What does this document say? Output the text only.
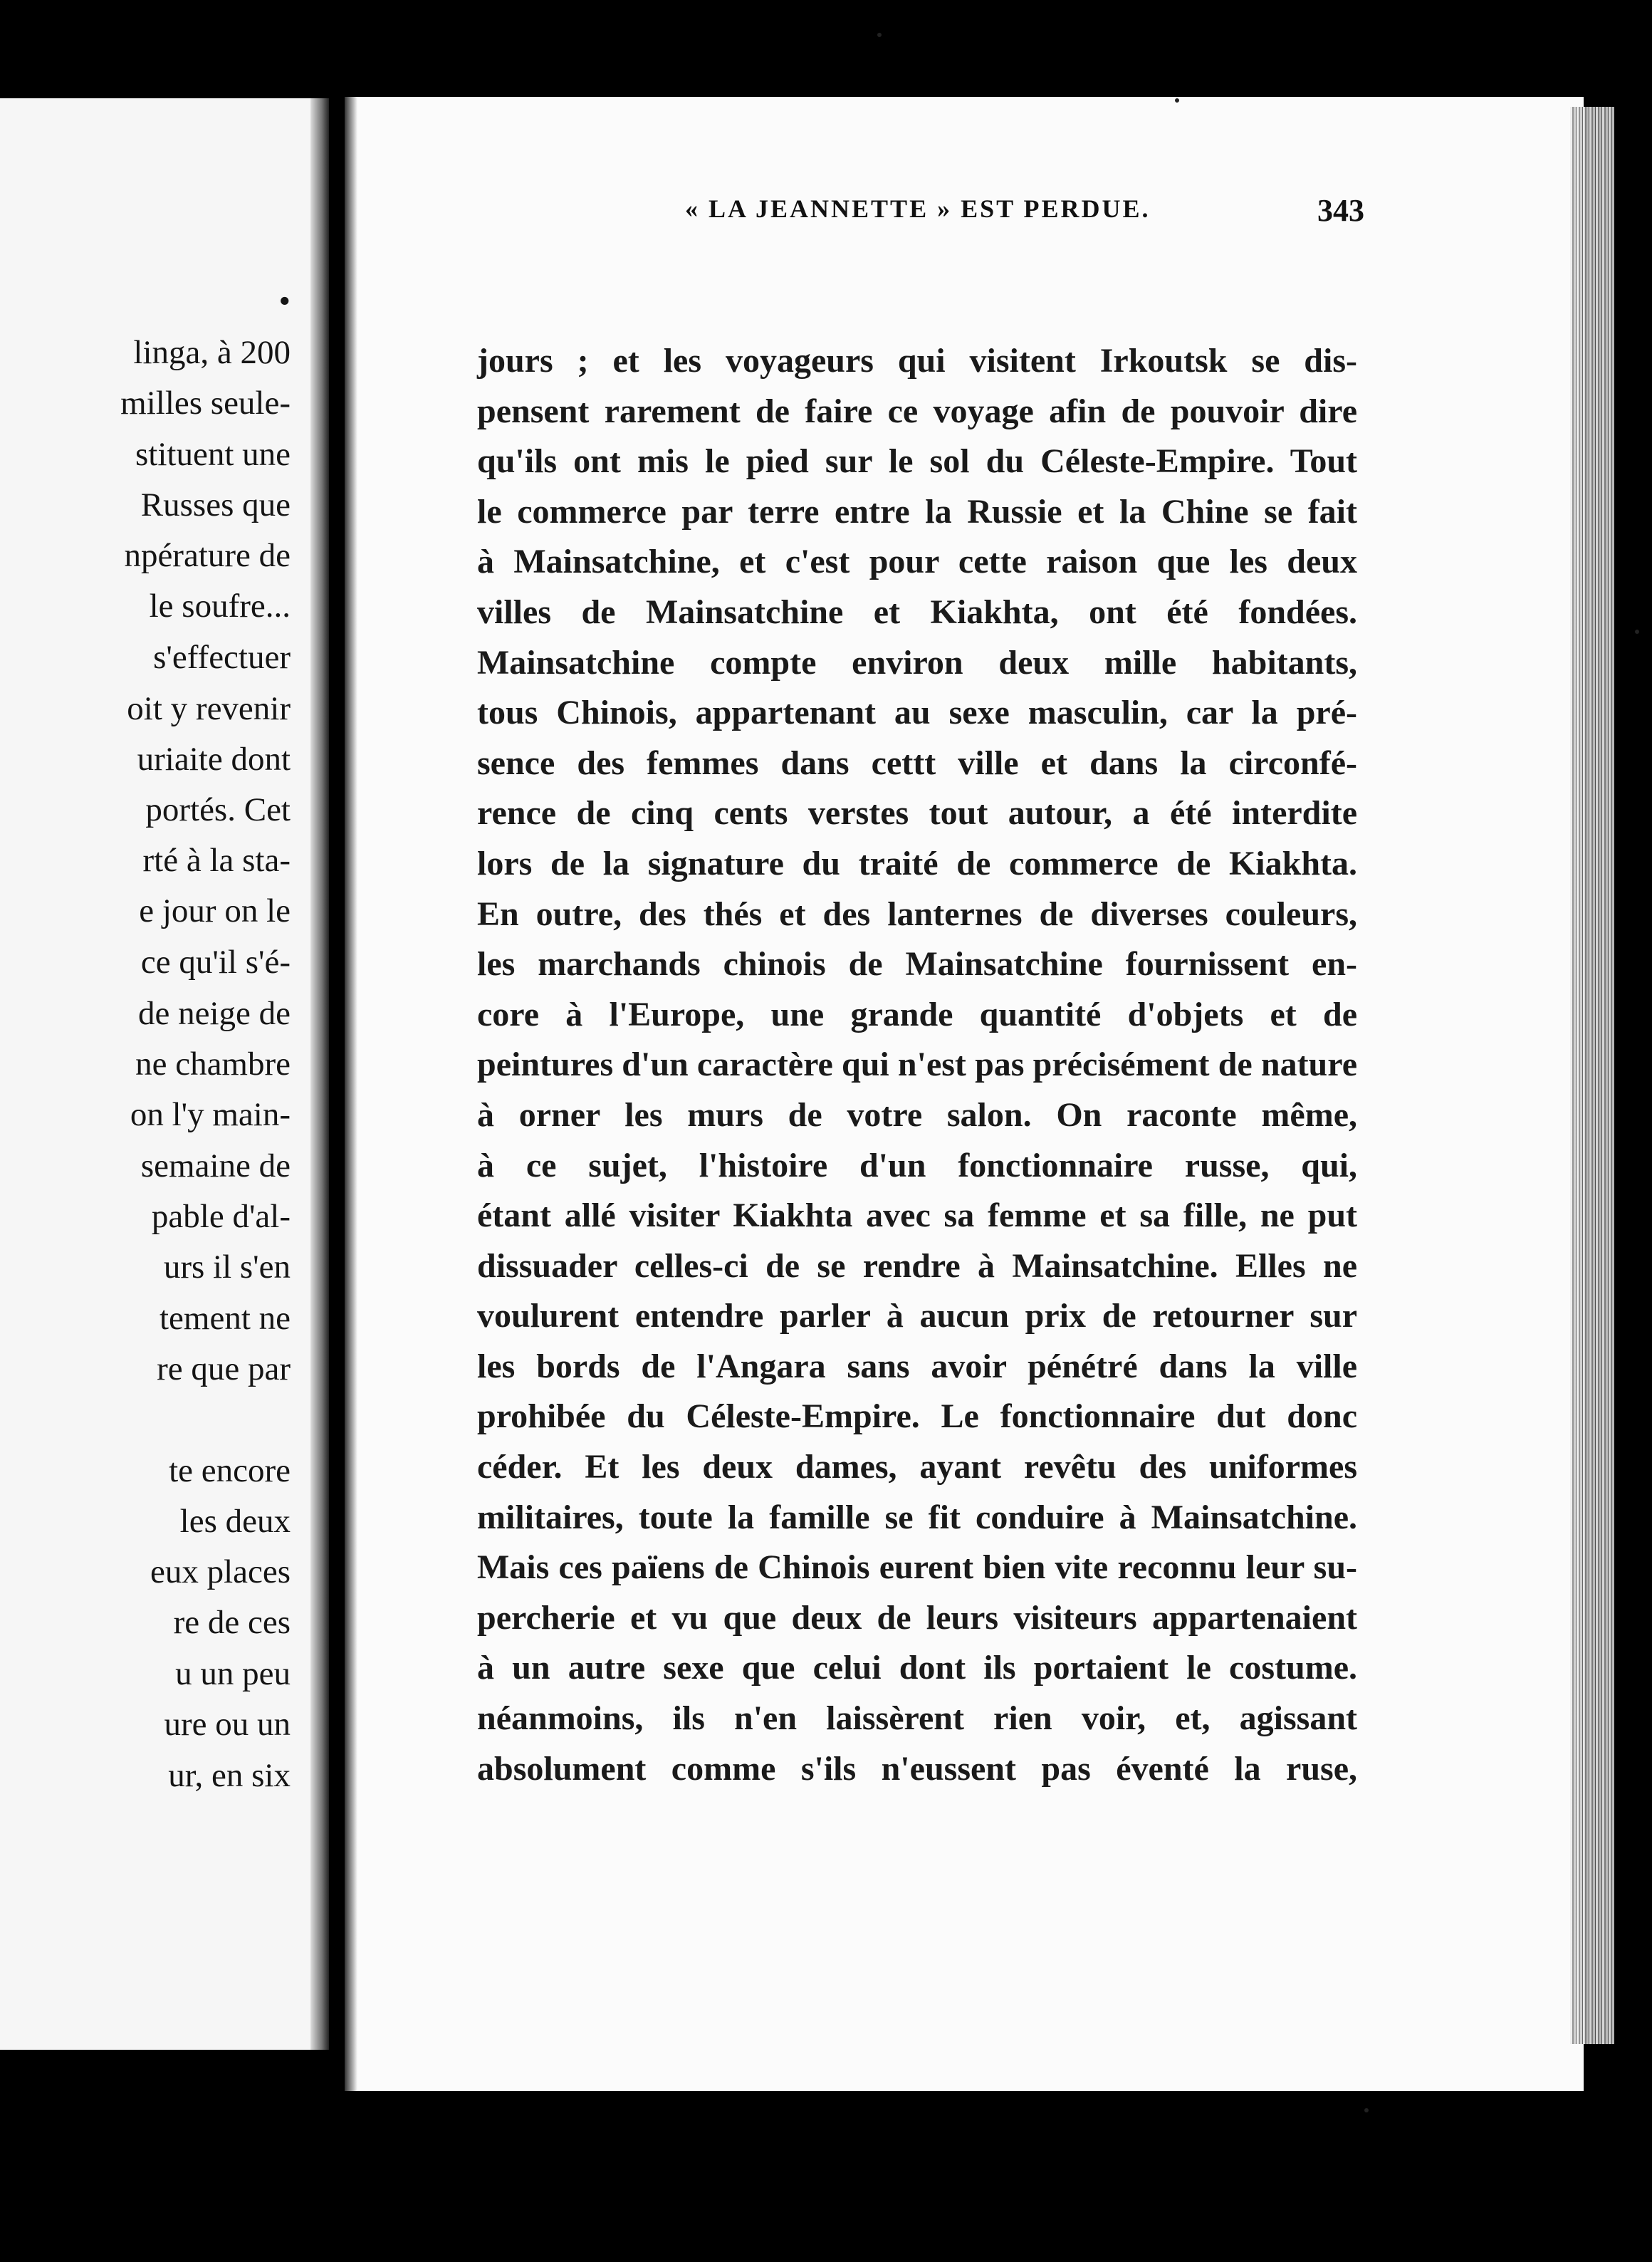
•
linga, à 200
milles seule-
stituent une
Russes que
npérature de
le soufre...
s'effectuer
oit y revenir
uriaite dont
portés. Cet
rté à la sta-
e jour on le
ce qu'il s'é-
de neige de
ne chambre
on l'y main-
semaine de
pable d'al-
urs il s'en
tement ne
re que par
te encore
les deux
eux places
re de ces
u un peu
ure ou un
ur, en six
« LA JEANNETTE » EST PERDUE.	343
jours ; et les voyageurs qui visitent Irkoutsk se dis-
pensent rarement de faire ce voyage afin de pouvoir dire
qu'ils ont mis le pied sur le sol du Céleste-Empire. Tout
le commerce par terre entre la Russie et la Chine se fait
à Mainsatchine, et c'est pour cette raison que les deux
villes de Mainsatchine et Kiakhta, ont été fondées.
Mainsatchine compte environ deux mille habitants,
tous Chinois, appartenant au sexe masculin, car la pré-
sence des femmes dans cettt ville et dans la circonfé-
rence de cinq cents verstes tout autour, a été interdite
lors de la signature du traité de commerce de Kiakhta.
En outre, des thés et des lanternes de diverses couleurs,
les marchands chinois de Mainsatchine fournissent en-
core à l'Europe, une grande quantité d'objets et de
peintures d'un caractère qui n'est pas précisément de nature
à orner les murs de votre salon. On raconte même,
à ce sujet, l'histoire d'un fonctionnaire russe, qui,
étant allé visiter Kiakhta avec sa femme et sa fille, ne put
dissuader celles-ci de se rendre à Mainsatchine. Elles ne
voulurent entendre parler à aucun prix de retourner sur
les bords de l'Angara sans avoir pénétré dans la ville
prohibée du Céleste-Empire. Le fonctionnaire dut donc
céder. Et les deux dames, ayant revêtu des uniformes
militaires, toute la famille se fit conduire à Mainsatchine.
Mais ces païens de Chinois eurent bien vite reconnu leur su-
percherie et vu que deux de leurs visiteurs appartenaient
à un autre sexe que celui dont ils portaient le costume.
néanmoins, ils n'en laissèrent rien voir, et, agissant
absolument comme s'ils n'eussent pas éventé la ruse,
